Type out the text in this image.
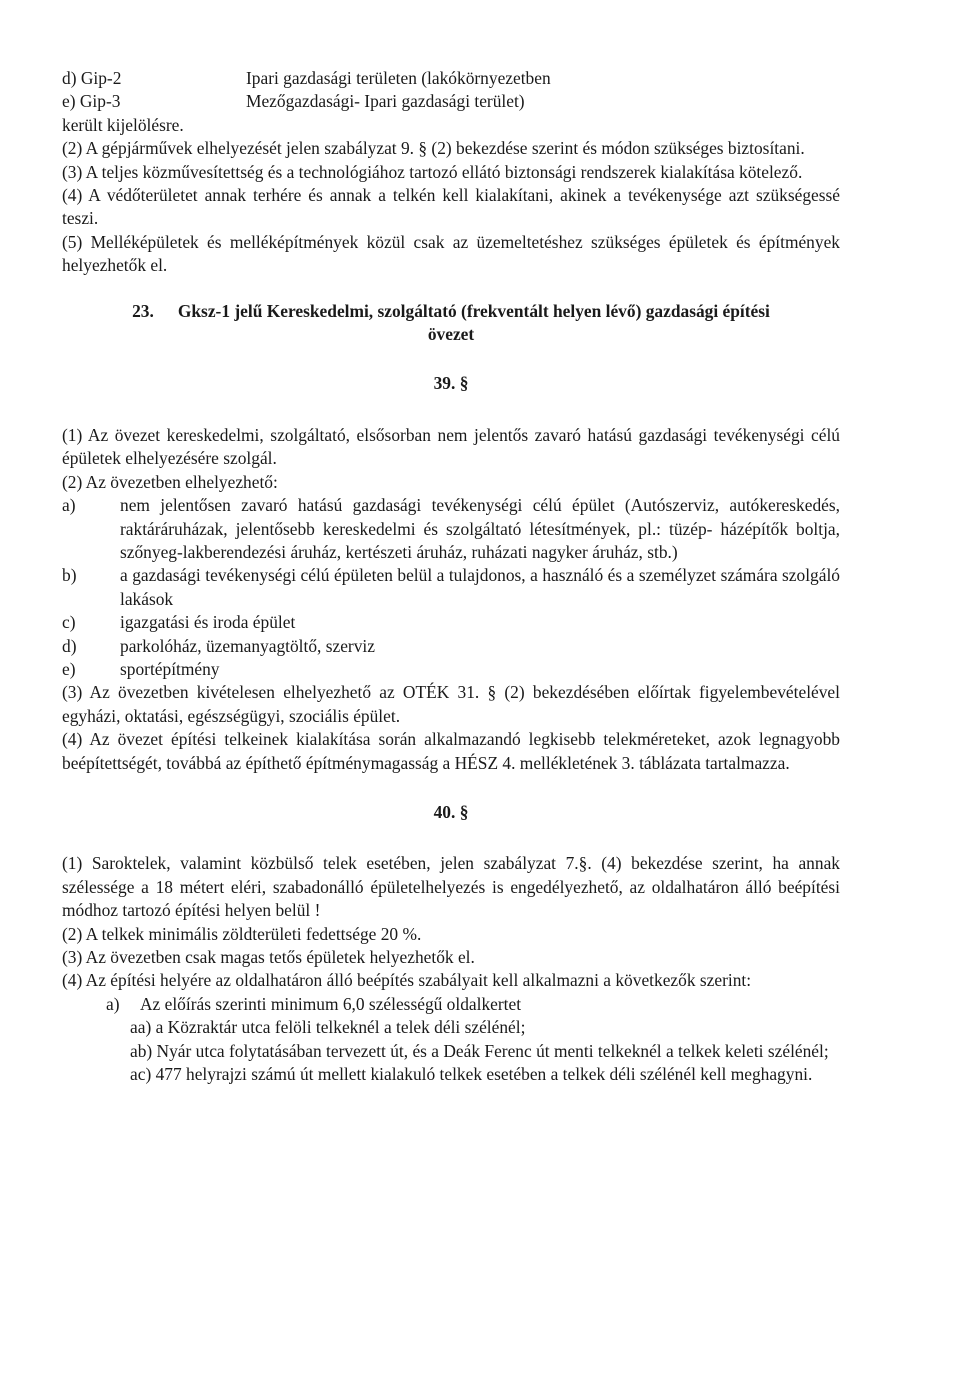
d) Gip-2	Ipari gazdasági területen (lakókörnyezetben
e) Gip-3	Mezőgazdasági- Ipari gazdasági terület)

került kijelölésre.

(2) A gépjárművek elhelyezését jelen szabályzat 9. § (2) bekezdése szerint és módon szükséges biztosítani.

(3) A teljes közművesítettség és a technológiához tartozó ellátó biztonsági rendszerek kialakítása kötelező.

(4) A védőterületet annak terhére és annak a telkén kell kialakítani, akinek a tevékenysége azt szükségessé teszi.

(5) Melléképületek és melléképítmények közül csak az üzemeltetéshez szükséges épületek és építmények helyezhetők el.

23. Gksz-1 jelű Kereskedelmi, szolgáltató (frekventált helyen lévő) gazdasági építési

övezet

39. §

(1) Az övezet kereskedelmi, szolgáltató, elsősorban nem jelentős zavaró hatású gazdasági tevékenységi célú épületek elhelyezésére szolgál.

(2) Az övezetben elhelyezhető:

a)	nem jelentősen zavaró hatású gazdasági tevékenységi célú épület (Autószerviz, autókereskedés, raktáráruházak, jelentősebb kereskedelmi és szolgáltató létesítmények, pl.: tüzép- házépítők boltja, szőnyeg-lakberendezési áruház, kertészeti áruház, ruházati nagyker áruház, stb.)
b)	a gazdasági tevékenységi célú épületen belül a tulajdonos, a használó és a személyzet számára szolgáló lakások
c)	igazgatási és iroda épület
d)	parkolóház, üzemanyagtöltő, szerviz
e)	sportépítmény

(3) Az övezetben kivételesen elhelyezhető az OTÉK 31. § (2) bekezdésében előírtak figyelembevételével egyházi, oktatási, egészségügyi, szociális épület.

(4) Az övezet építési telkeinek kialakítása során alkalmazandó legkisebb telekméreteket, azok legnagyobb beépítettségét, továbbá az építhető építménymagasság a HÉSZ 4. mellékletének 3. táblázata tartalmazza.

40. §

(1) Saroktelek, valamint közbülső telek esetében, jelen szabályzat 7.§. (4) bekezdése szerint, ha annak szélessége a 18 métert eléri, szabadonálló épületelhelyezés is engedélyezhető, az oldalhatáron álló beépítési módhoz tartozó építési helyen belül !

(2) A telkek minimális zöldterületi fedettsége 20 %.

(3) Az övezetben csak magas tetős épületek helyezhetők el.

(4) Az építési helyére az oldalhatáron álló beépítés szabályait kell alkalmazni a következők szerint:

a)	Az előírás szerinti minimum 6,0 szélességű oldalkertet

aa) a Közraktár utca felöli telkeknél a telek déli szélénél;

ab) Nyár utca folytatásában tervezett út, és a Deák Ferenc út menti telkeknél a telkek keleti szélénél;

ac) 477 helyrajzi számú út mellett kialakuló telkek esetében a telkek déli szélénél kell meghagyni.
